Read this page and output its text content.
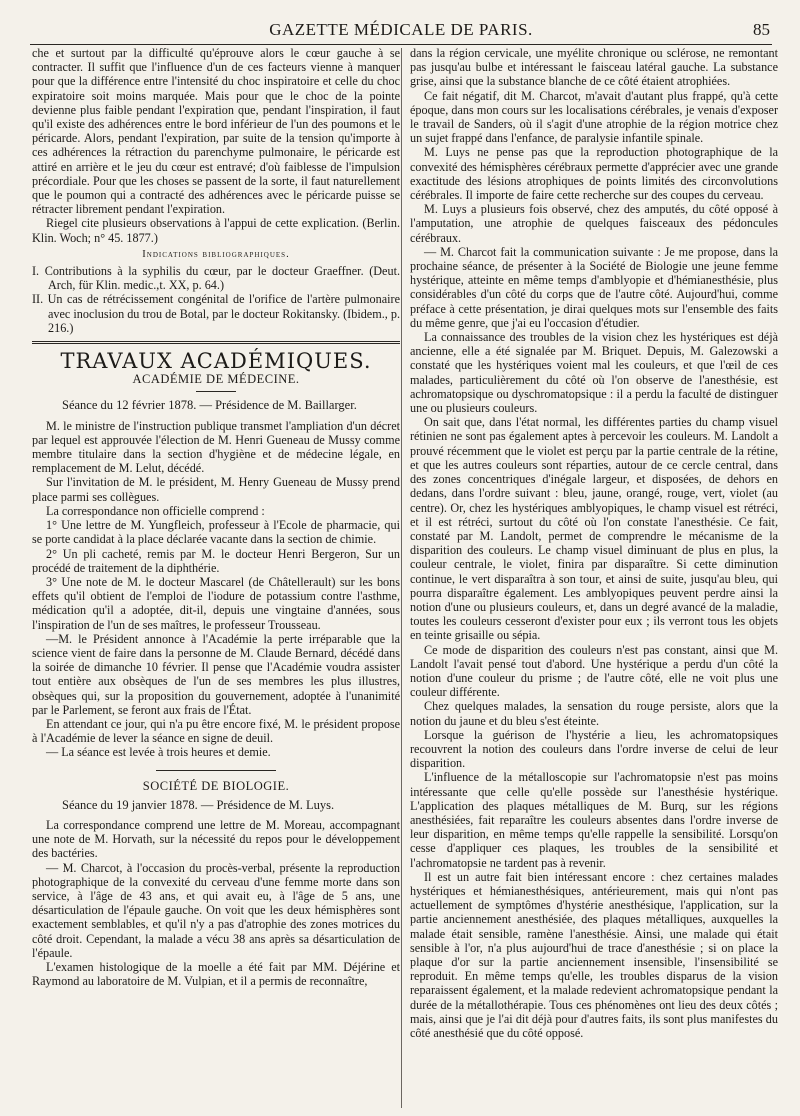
GAZETTE MÉDICALE DE PARIS.	85

che et surtout par la difficulté qu'éprouve alors le cœur gauche à se contracter. Il suffit que l'influence d'un de ces facteurs vienne à manquer pour que la différence entre l'intensité du choc inspiratoire et celle du choc expiratoire soit moins marquée. Mais pour que le choc de la pointe devienne plus faible pendant l'expiration que, pendant l'inspiration, il faut qu'il existe des adhérences entre le bord inférieur de l'un des poumons et le péricarde. Alors, pendant l'expiration, par suite de la tension qu'importe à ces adhérences la rétraction du parenchyme pulmonaire, le péricarde est attiré en arrière et le jeu du cœur est entravé; d'où faiblesse de l'impulsion précordiale. Pour que les choses se passent de la sorte, il faut naturellement que le poumon qui a contracté des adhérences avec le péricarde puisse se rétracter librement pendant l'expiration.

Riegel cite plusieurs observations à l'appui de cette explication. (Berlin. Klin. Woch; n° 45. 1877.)

Indications bibliographiques.

I. Contributions à la syphilis du cœur, par le docteur Graeffner. (Deut. Arch, für Klin. medic.,t. XX, p. 64.)

II. Un cas de rétrécissement congénital de l'orifice de l'artère pulmonaire avec inoclusion du trou de Botal, par le docteur Rokitansky. (Ibidem., p. 216.)

TRAVAUX ACADÉMIQUES.
ACADÉMIE DE MÉDECINE.
Séance du 12 février 1878. — Présidence de M. Baillarger.

M. le ministre de l'instruction publique transmet l'ampliation d'un décret par lequel est approuvée l'élection de M. Henri Gueneau de Mussy comme membre titulaire dans la section d'hygiène et de médecine légale, en remplacement de M. Lelut, décédé.

Sur l'invitation de M. le président, M. Henry Gueneau de Mussy prend place parmi ses collègues.

La correspondance non officielle comprend :

1° Une lettre de M. Yungfleich, professeur à l'Ecole de pharmacie, qui se porte candidat à la place déclarée vacante dans la section de chimie.

2° Un pli cacheté, remis par M. le docteur Henri Bergeron, Sur un procédé de traitement de la diphthérie.

3° Une note de M. le docteur Mascarel (de Châtellerault) sur les bons effets qu'il obtient de l'emploi de l'iodure de potassium contre l'asthme, médication qu'il a adoptée, dit-il, depuis une vingtaine d'années, sous l'inspiration de l'un de ses maîtres, le professeur Trousseau.

—M. le Président annonce à l'Académie la perte irréparable que la science vient de faire dans la personne de M. Claude Bernard, décédé dans la soirée de dimanche 10 février. Il pense que l'Académie voudra assister tout entière aux obsèques de l'un de ses membres les plus illustres, obsèques qui, sur la proposition du gouvernement, adoptée à l'unanimité par le Parlement, se feront aux frais de l'État.

En attendant ce jour, qui n'a pu être encore fixé, M. le président propose à l'Académie de lever la séance en signe de deuil.

— La séance est levée à trois heures et demie.

SOCIÉTÉ DE BIOLOGIE.
Séance du 19 janvier 1878. — Présidence de M. Luys.

La correspondance comprend une lettre de M. Moreau, accompagnant une note de M. Horvath, sur la nécessité du repos pour le développement des bactéries.

— M. Charcot, à l'occasion du procès-verbal, présente la reproduction photographique de la convexité du cerveau d'une femme morte dans son service, à l'âge de 43 ans, et qui avait eu, à l'âge de 5 ans, une désarticulation de l'épaule gauche. On voit que les deux hémisphères sont exactement semblables, et qu'il n'y a pas d'atrophie des zones motrices du côté droit. Cependant, la malade a vécu 38 ans après sa désarticulation de l'épaule.

L'examen histologique de la moelle a été fait par MM. Déjérine et Raymond au laboratoire de M. Vulpian, et il a permis de reconnaître,

dans la région cervicale, une myélite chronique ou sclérose, ne remontant pas jusqu'au bulbe et intéressant le faisceau latéral gauche. La substance grise, ainsi que la substance blanche de ce côté étaient atrophiées.

Ce fait négatif, dit M. Charcot, m'avait d'autant plus frappé, qu'à cette époque, dans mon cours sur les localisations cérébrales, je venais d'exposer le travail de Sanders, où il s'agit d'une atrophie de la région motrice chez un sujet frappé dans l'enfance, de paralysie infantile spinale.

M. Luys ne pense pas que la reproduction photographique de la convexité des hémisphères cérébraux permette d'apprécier avec une grande exactitude des lésions atrophiques de points limités des circonvolutions cérébrales. Il importe de faire cette recherche sur des coupes du cerveau.

M. Luys a plusieurs fois observé, chez des amputés, du côté opposé à l'amputation, une atrophie de quelques faisceaux des pédoncules cérébraux.

— M. Charcot fait la communication suivante : Je me propose, dans la prochaine séance, de présenter à la Société de Biologie une jeune femme hystérique, atteinte en même temps d'amblyopie et d'hémianesthésie, plus considérables d'un côté du corps que de l'autre côté. Aujourd'hui, comme préface à cette présentation, je dirai quelques mots sur l'ensemble des faits du même genre, que j'ai eu l'occasion d'étudier.

La connaissance des troubles de la vision chez les hystériques est déjà ancienne, elle a été signalée par M. Briquet. Depuis, M. Galezowski a constaté que les hystériques voient mal les couleurs, et que l'œil de ces malades, particulièrement du côté où l'on observe de l'anesthésie, est achromatopsique ou dyschromatopsique : il a perdu la faculté de distinguer une ou plusieurs couleurs.

On sait que, dans l'état normal, les différentes parties du champ visuel rétinien ne sont pas également aptes à percevoir les couleurs. M. Landolt a prouvé récemment que le violet est perçu par la partie centrale de la rétine, et que les autres couleurs sont réparties, autour de ce cercle central, dans des zones concentriques d'inégale largeur, et disposées, de dehors en dedans, dans l'ordre suivant : bleu, jaune, orangé, rouge, vert, violet (au centre). Or, chez les hystériques amblyopiques, le champ visuel est rétréci, et il est rétréci, surtout du côté où l'on constate l'anesthésie. Ce fait, constaté par M. Landolt, permet de comprendre le mécanisme de la disparition des couleurs. Le champ visuel diminuant de plus en plus, la couleur centrale, le violet, finira par disparaître. Si cette diminution continue, le vert disparaîtra à son tour, et ainsi de suite, jusqu'au bleu, qui pourra disparaître également. Les amblyopiques peuvent perdre ainsi la notion d'une ou plusieurs couleurs, et, dans un degré avancé de la maladie, toutes les couleurs cesseront d'exister pour eux ; ils verront tous les objets en teinte grisaille ou sépia.

Ce mode de disparition des couleurs n'est pas constant, ainsi que M. Landolt l'avait pensé tout d'abord. Une hystérique a perdu d'un côté la notion d'une couleur du prisme ; de l'autre côté, elle ne voit plus une couleur différente.

Chez quelques malades, la sensation du rouge persiste, alors que la notion du jaune et du bleu s'est éteinte.

Lorsque la guérison de l'hystérie a lieu, les achromatopsiques recouvrent la notion des couleurs dans l'ordre inverse de celui de leur disparition.

L'influence de la métalloscopie sur l'achromatopsie n'est pas moins intéressante que celle qu'elle possède sur l'anesthésie hystérique. L'application des plaques métalliques de M. Burq, sur les régions anesthésiées, fait reparaître les couleurs absentes dans l'ordre inverse de leur disparition, en même temps qu'elle rappelle la sensibilité. Lorsqu'on cesse d'appliquer ces plaques, les troubles de la sensibilité et l'achromatopsie ne tardent pas à revenir.

Il est un autre fait bien intéressant encore : chez certaines malades hystériques et hémianesthésiques, antérieurement, mais qui n'ont pas actuellement de symptômes d'hystérie anesthésique, l'application, sur la partie anciennement anesthésiée, des plaques métalliques, auxquelles la malade était sensible, ramène l'anesthésie. Ainsi, une malade qui était sensible à l'or, n'a plus aujourd'hui de trace d'anesthésie ; si on place la plaque d'or sur la partie anciennement insensible, l'insensibilité se reproduit. En même temps qu'elle, les troubles disparus de la vision reparaissent également, et la malade redevient achromatopsique pendant la durée de la métallothérapie. Tous ces phénomènes ont lieu des deux côtés ; mais, ainsi que je l'ai dit déjà pour d'autres faits, ils sont plus manifestes du côté anesthésié que du côté opposé.
